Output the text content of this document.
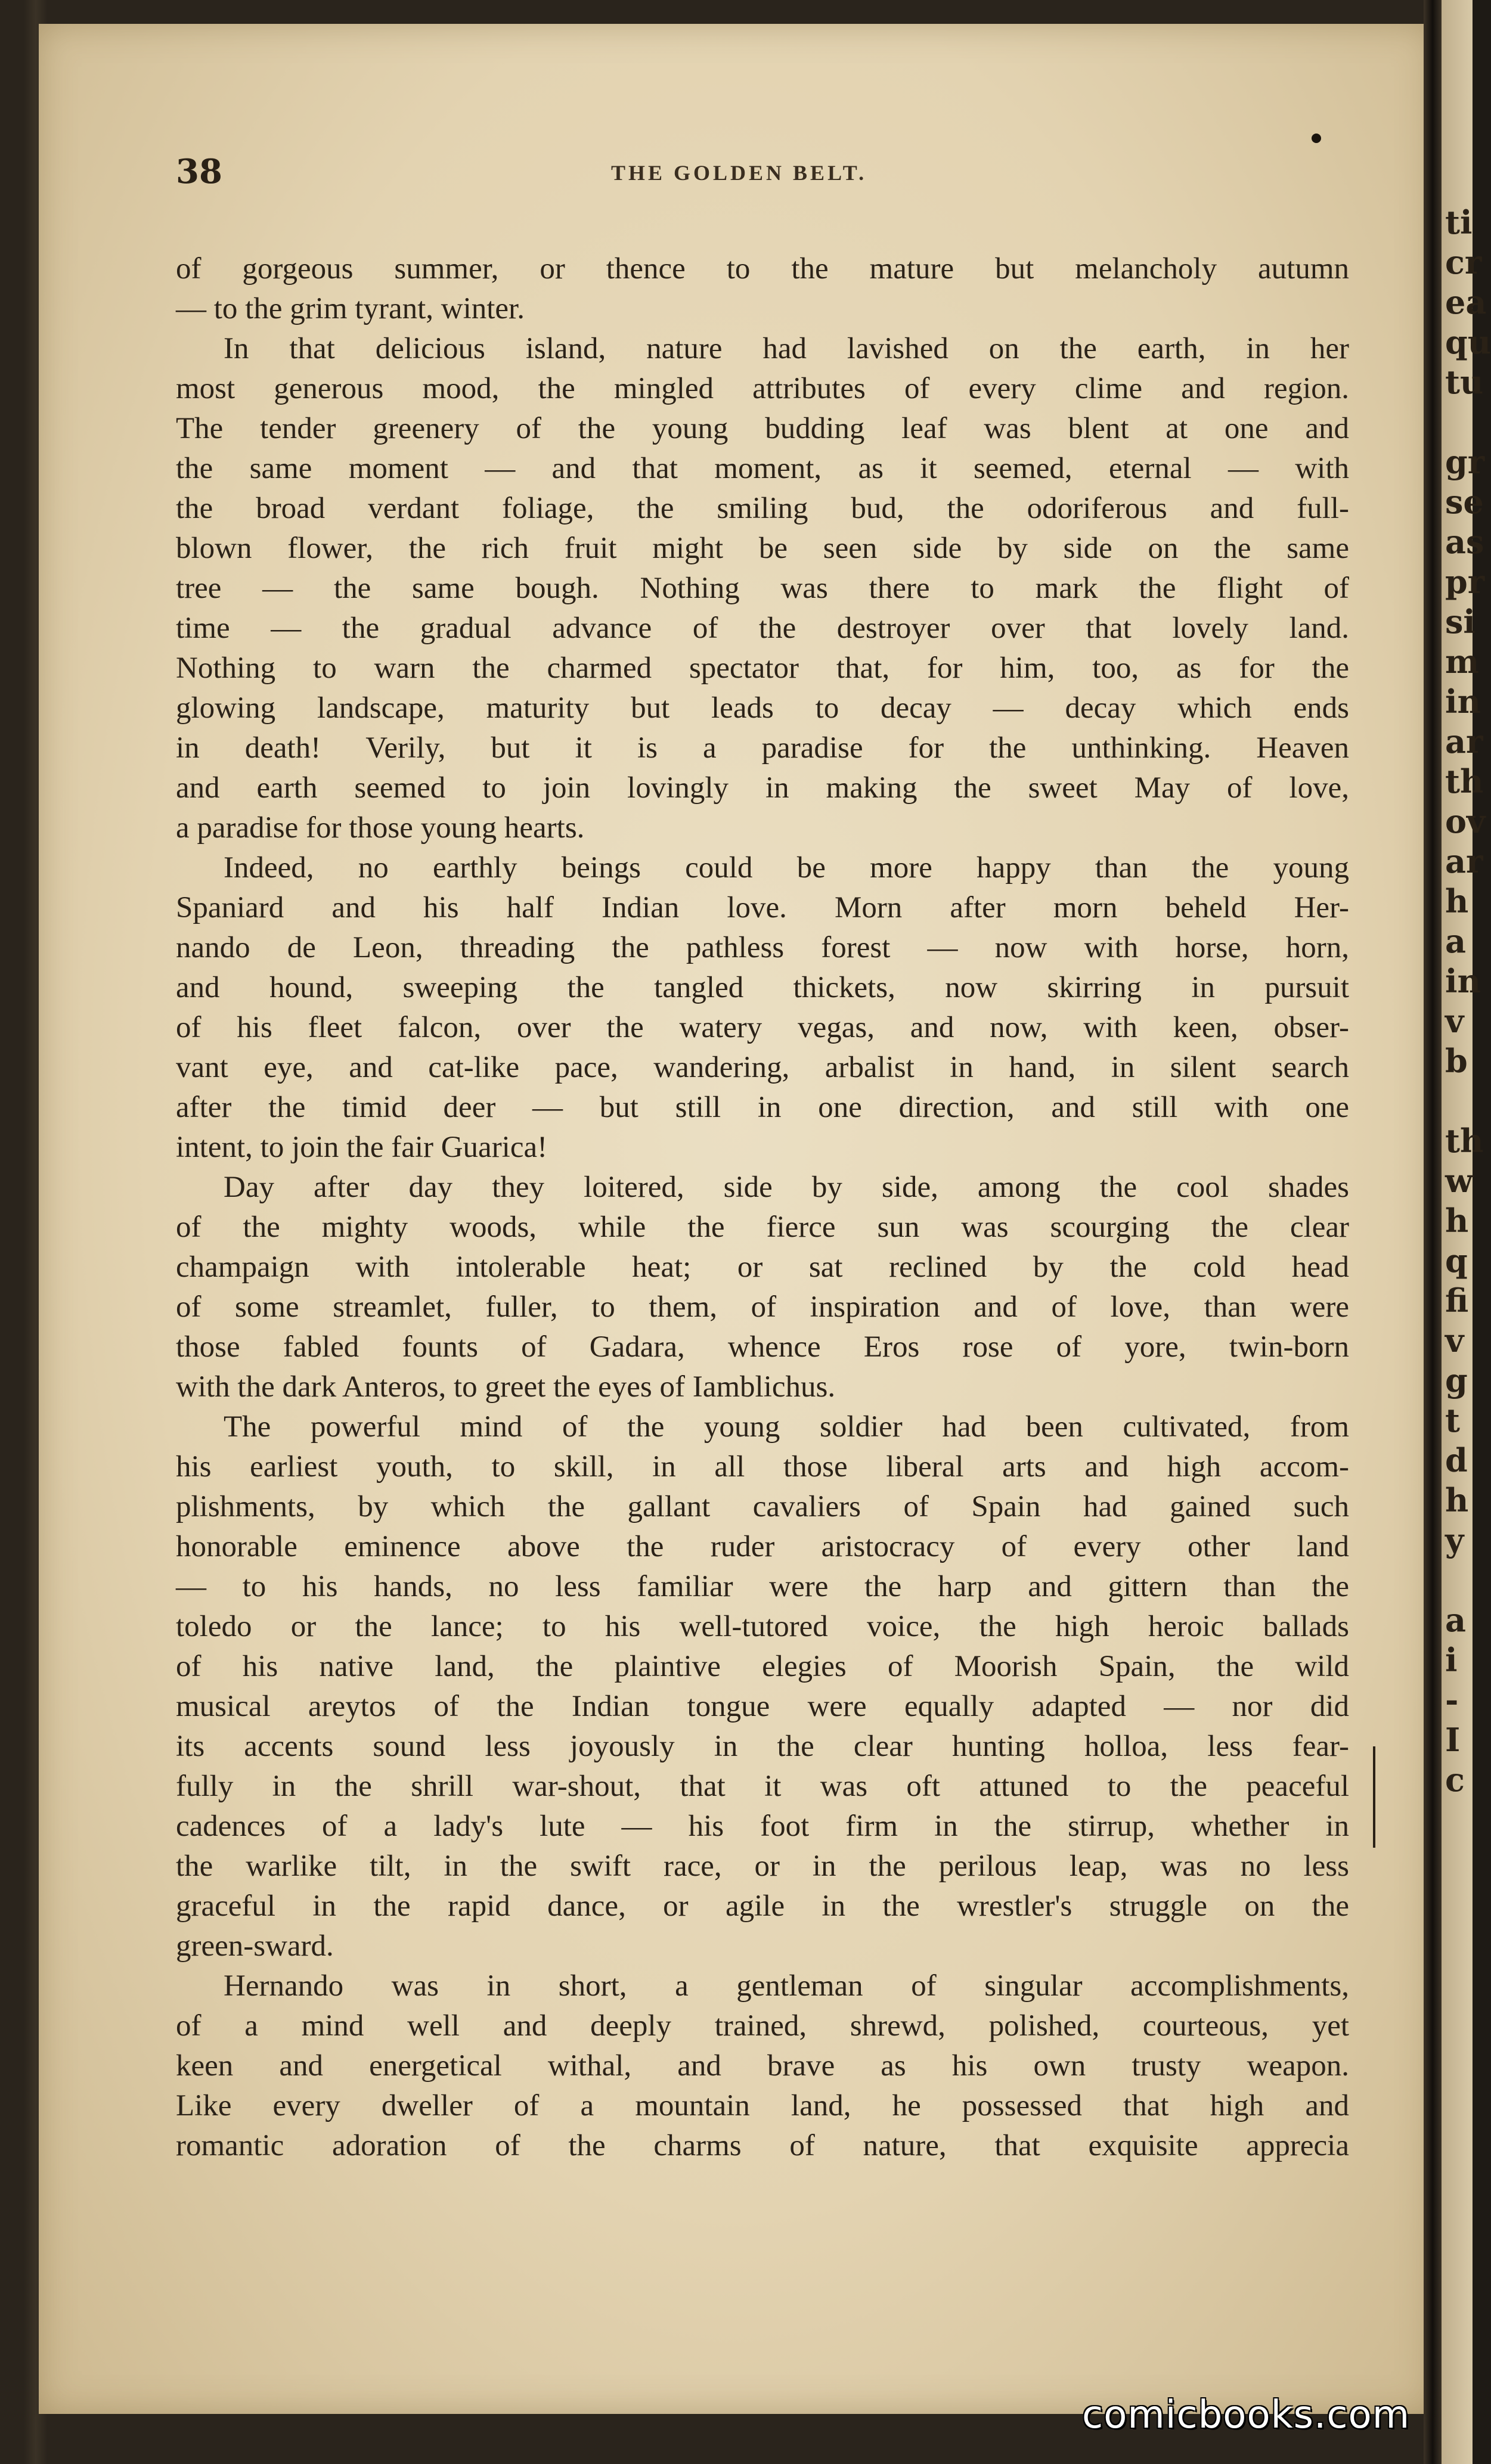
ti
cr
ea
qu
tu

gr
se
as
pr
si
m
in
ar
th
ov
ar
h
a
in
v
b

th
w
h
q
fi
v
g
t
d
h
y

a
i
-
I
c
38	THE GOLDEN BELT.
of gorgeous summer, or thence to the mature but melancholy autumn
— to the grim tyrant, winter.
In that delicious island, nature had lavished on the earth, in her
most generous mood, the mingled attributes of every clime and region.
The tender greenery of the young budding leaf was blent at one and
the same moment — and that moment, as it seemed, eternal — with
the broad verdant foliage, the smiling bud, the odoriferous and full-
blown flower, the rich fruit might be seen side by side on the same
tree — the same bough. Nothing was there to mark the flight of
time — the gradual advance of the destroyer over that lovely land.
Nothing to warn the charmed spectator that, for him, too, as for the
glowing landscape, maturity but leads to decay — decay which ends
in death! Verily, but it is a paradise for the unthinking. Heaven
and earth seemed to join lovingly in making the sweet May of love,
a paradise for those young hearts.
Indeed, no earthly beings could be more happy than the young
Spaniard and his half Indian love. Morn after morn beheld Her-
nando de Leon, threading the pathless forest — now with horse, horn,
and hound, sweeping the tangled thickets, now skirring in pursuit
of his fleet falcon, over the watery vegas, and now, with keen, obser-
vant eye, and cat-like pace, wandering, arbalist in hand, in silent search
after the timid deer — but still in one direction, and still with one
intent, to join the fair Guarica!
Day after day they loitered, side by side, among the cool shades
of the mighty woods, while the fierce sun was scourging the clear
champaign with intolerable heat; or sat reclined by the cold head
of some streamlet, fuller, to them, of inspiration and of love, than were
those fabled founts of Gadara, whence Eros rose of yore, twin-born
with the dark Anteros, to greet the eyes of Iamblichus.
The powerful mind of the young soldier had been cultivated, from
his earliest youth, to skill, in all those liberal arts and high accom-
plishments, by which the gallant cavaliers of Spain had gained such
honorable eminence above the ruder aristocracy of every other land
— to his hands, no less familiar were the harp and gittern than the
toledo or the lance; to his well-tutored voice, the high heroic ballads
of his native land, the plaintive elegies of Moorish Spain, the wild
musical areytos of the Indian tongue were equally adapted — nor did
its accents sound less joyously in the clear hunting holloa, less fear-
fully in the shrill war-shout, that it was oft attuned to the peaceful
cadences of a lady's lute — his foot firm in the stirrup, whether in
the warlike tilt, in the swift race, or in the perilous leap, was no less
graceful in the rapid dance, or agile in the wrestler's struggle on the
green-sward.
Hernando was in short, a gentleman of singular accomplishments,
of a mind well and deeply trained, shrewd, polished, courteous, yet
keen and energetical withal, and brave as his own trusty weapon.
Like every dweller of a mountain land, he possessed that high and
romantic adoration of the charms of nature, that exquisite apprecia
comicbooks.com
